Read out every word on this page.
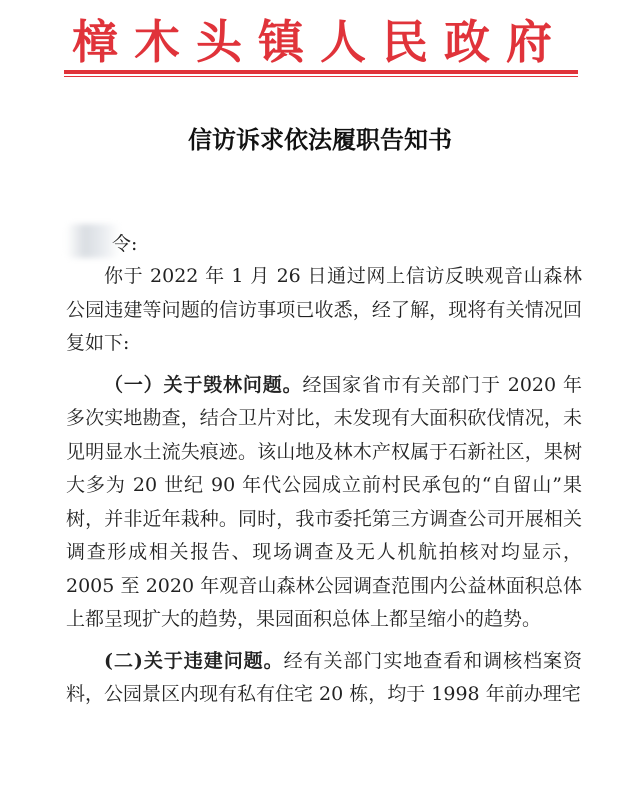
樟木头镇人民政府
信访诉求依法履职告知书
令:

你于 2022 年 1 月 26 日通过网上信访反映观音山森林公园违建等问题的信访事项已收悉，经了解，现将有关情况回复如下:

（一）关于毁林问题。经国家省市有关部门于 2020 年多次实地勘查，结合卫片对比，未发现有大面积砍伐情况，未见明显水土流失痕迹。该山地及林木产权属于石新社区，果树大多为 20 世纪 90 年代公园成立前村民承包的“自留山”果树，并非近年栽种。同时，我市委托第三方调查公司开展相关调查形成相关报告、现场调查及无人机航拍核对均显示，2005 至 2020 年观音山森林公园调查范围内公益林面积总体上都呈现扩大的趋势，果园面积总体上都呈缩小的趋势。

(二)关于违建问题。经有关部门实地查看和调核档案资料，公园景区内现有私有住宅 20 栋，均于 1998 年前办理宅
